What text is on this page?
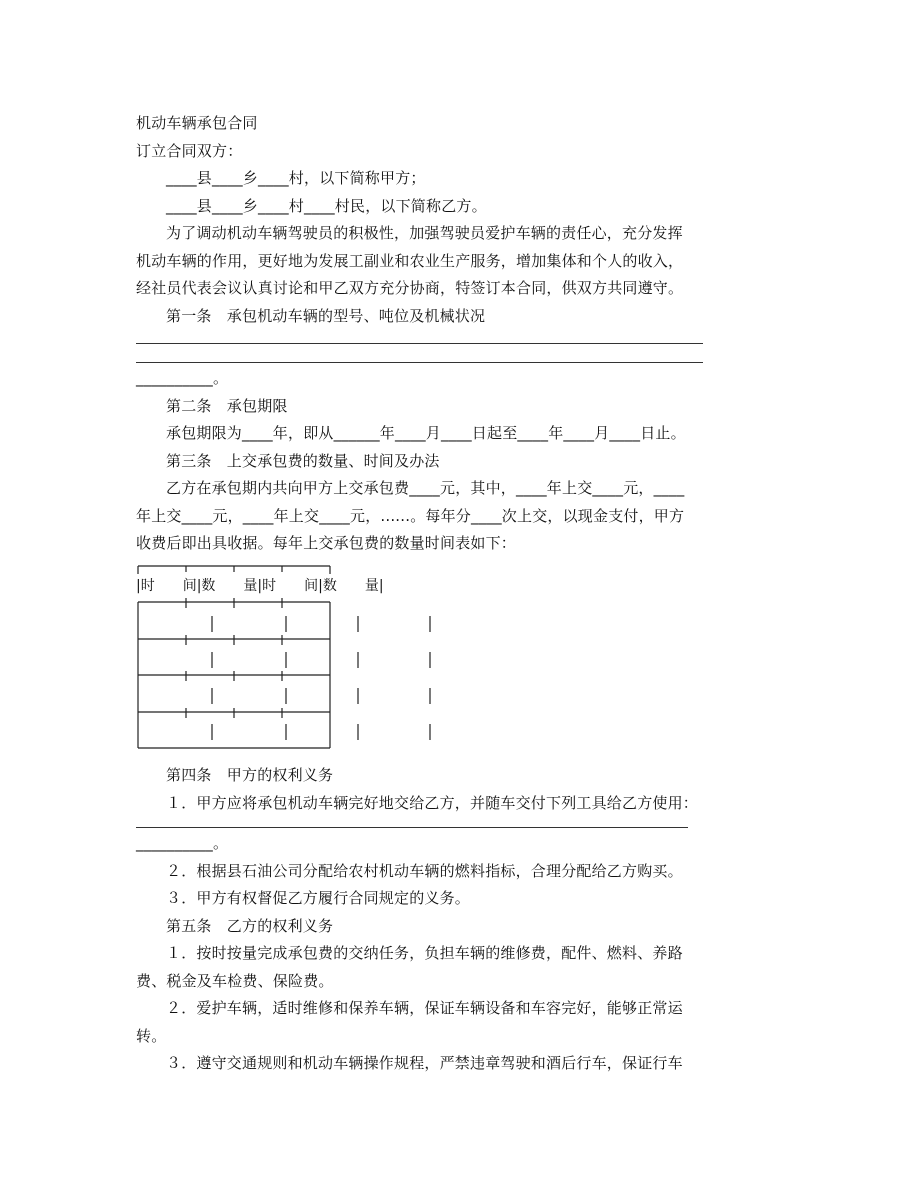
机动车辆承包合同
订立合同双方：
____县____乡____村，以下简称甲方；
____县____乡____村____村民，以下简称乙方。
为了调动机动车辆驾驶员的积极性，加强驾驶员爱护车辆的责任心，充分发挥
机动车辆的作用，更好地为发展工副业和农业生产服务，增加集体和个人的收入，
经社员代表会议认真讨论和甲乙双方充分协商，特签订本合同，供双方共同遵守。
第一条　承包机动车辆的型号、吨位及机械状况
__________。
第二条　承包期限
承包期限为____年，即从______年____月____日起至____年____月____日止。
第三条　上交承包费的数量、时间及办法
乙方在承包期内共向甲方上交承包费____元，其中，____年上交____元，____
年上交____元，____年上交____元，......。每年分____次上交，以现金支付，甲方
收费后即出具收据。每年上交承包费的数量时间表如下：
|时　　间|数　　量|时　　间|数　　量|
第四条　甲方的权利义务
１．甲方应将承包机动车辆完好地交给乙方，并随车交付下列工具给乙方使用：
__________。
２．根据县石油公司分配给农村机动车辆的燃料指标，合理分配给乙方购买。
３．甲方有权督促乙方履行合同规定的义务。
第五条　乙方的权利义务
１．按时按量完成承包费的交纳任务，负担车辆的维修费，配件、燃料、养路
费、税金及车检费、保险费。
２．爱护车辆，适时维修和保养车辆，保证车辆设备和车容完好，能够正常运
转。
３．遵守交通规则和机动车辆操作规程，严禁违章驾驶和酒后行车，保证行车
